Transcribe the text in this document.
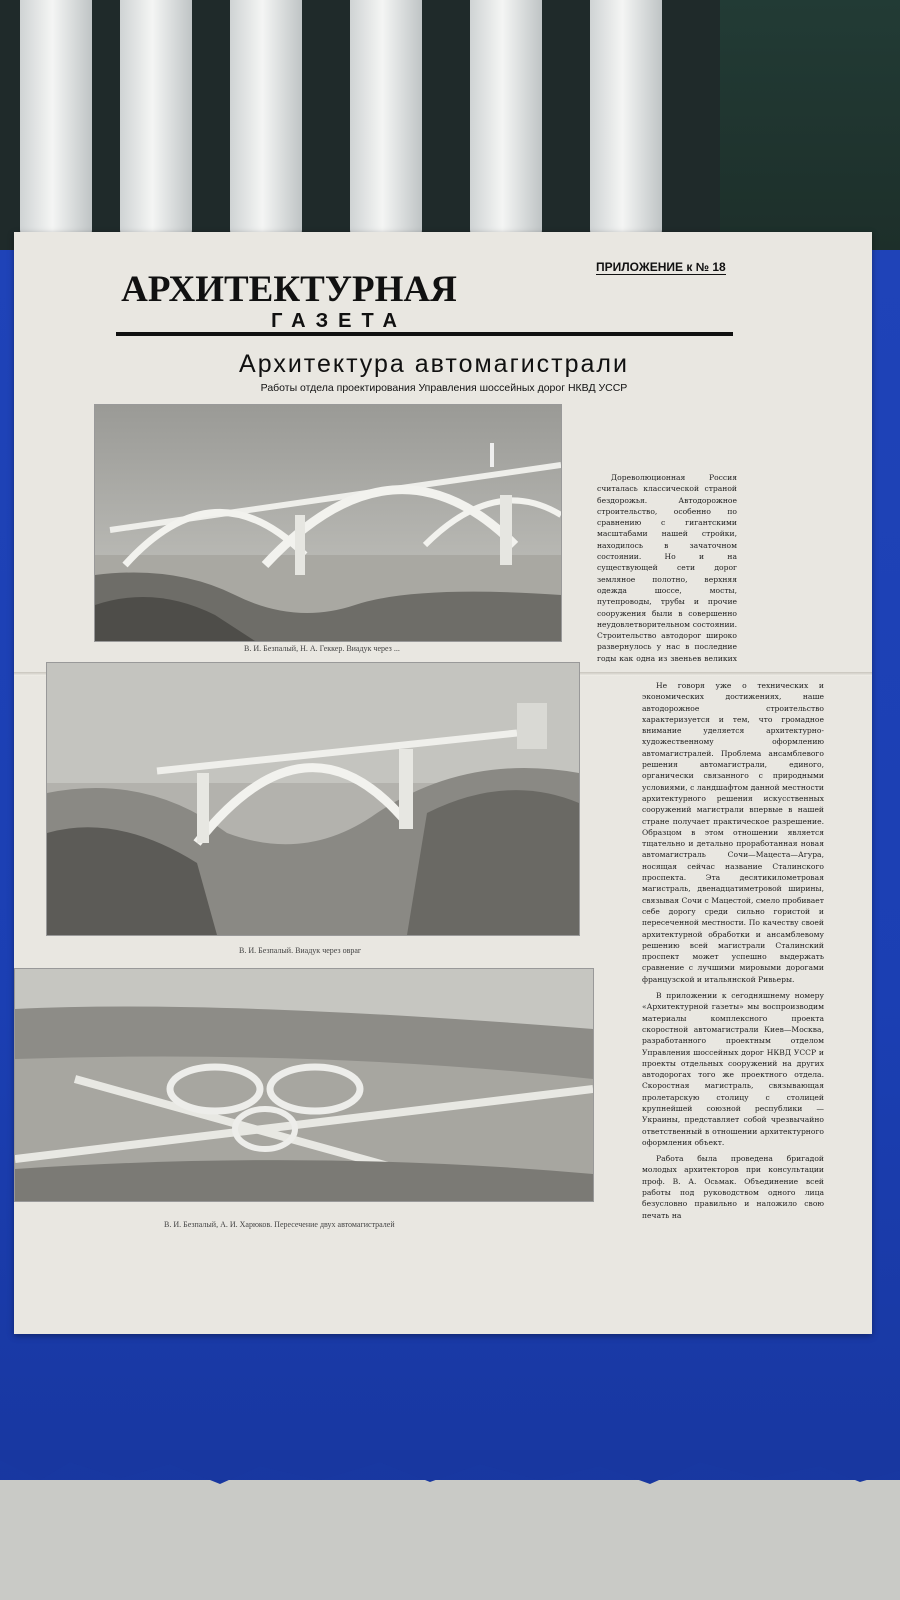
АРХИТЕКТУРНАЯ
ГАЗЕТА
ПРИЛОЖЕНИЕ к № 18
Архитектура автомагистрали
Работы отдела проектирования Управления шоссейных дорог НКВД УССР
В. И. Безпалый, Н. А. Геккер. Виадук через ...
В. И. Безпалый. Виадук через овраг
В. И. Безпалый, А. И. Харюков. Пересечение двух автомагистралей

Дореволюционная Россия считалась классической страной бездорожья. Автодорожное строительство, особенно по сравнению с гигантскими масштабами нашей стройки, находилось в зачаточном состоянии. Но и на существующей сети дорог земляное полотно, верхняя одежда шоссе, мосты, путепроводы, трубы и прочие сооружения были в совершенно неудовлетворительном состоянии. Строительство автодорог широко развернулось у нас в последние годы как одна из звеньев великих

Не говоря уже о технических и экономических достижениях, наше автодорожное строительство характеризуется и тем, что громадное внимание уделяется архитектурно-художественному оформлению автомагистралей. Проблема ансамблевого решения автомагистрали, единого, органически связанного с природными условиями, с ландшафтом данной местности архитектурного решения искусственных сооружений магистрали впервые в нашей стране получает практическое разрешение. Образцом в этом отношении является тщательно и детально проработанная новая автомагистраль Сочи—Мацеста—Агура, носящая сейчас название Сталинского проспекта. Эта десятикилометровая магистраль, двенадцатиметровой ширины, связывая Сочи с Мацестой, смело пробивает себе дорогу среди сильно гористой и пересеченной местности. По качеству своей архитектурной обработки и ансамблевому решению всей магистрали Сталинский проспект может успешно выдержать сравнение с лучшими мировыми дорогами французской и итальянской Ривьеры.

В приложении к сегодняшнему номеру «Архитектурной газеты» мы воспроизводим материалы комплексного проекта скоростной автомагистрали Киев—Москва, разработанного проектным отделом Управления шоссейных дорог НКВД УССР и проекты отдельных сооружений на других автодорогах того же проектного отдела. Скоростная магистраль, связывающая пролетарскую столицу с столицей крупнейшей союзной республики — Украины, представляет собой чрезвычайно ответственный в отношении архитектурного оформления объект.

Работа была проведена бригадой молодых архитекторов при консультации проф. В. А. Осьмак. Объединение всей работы под руководством одного лица безусловно правильно и наложило свою печать на
